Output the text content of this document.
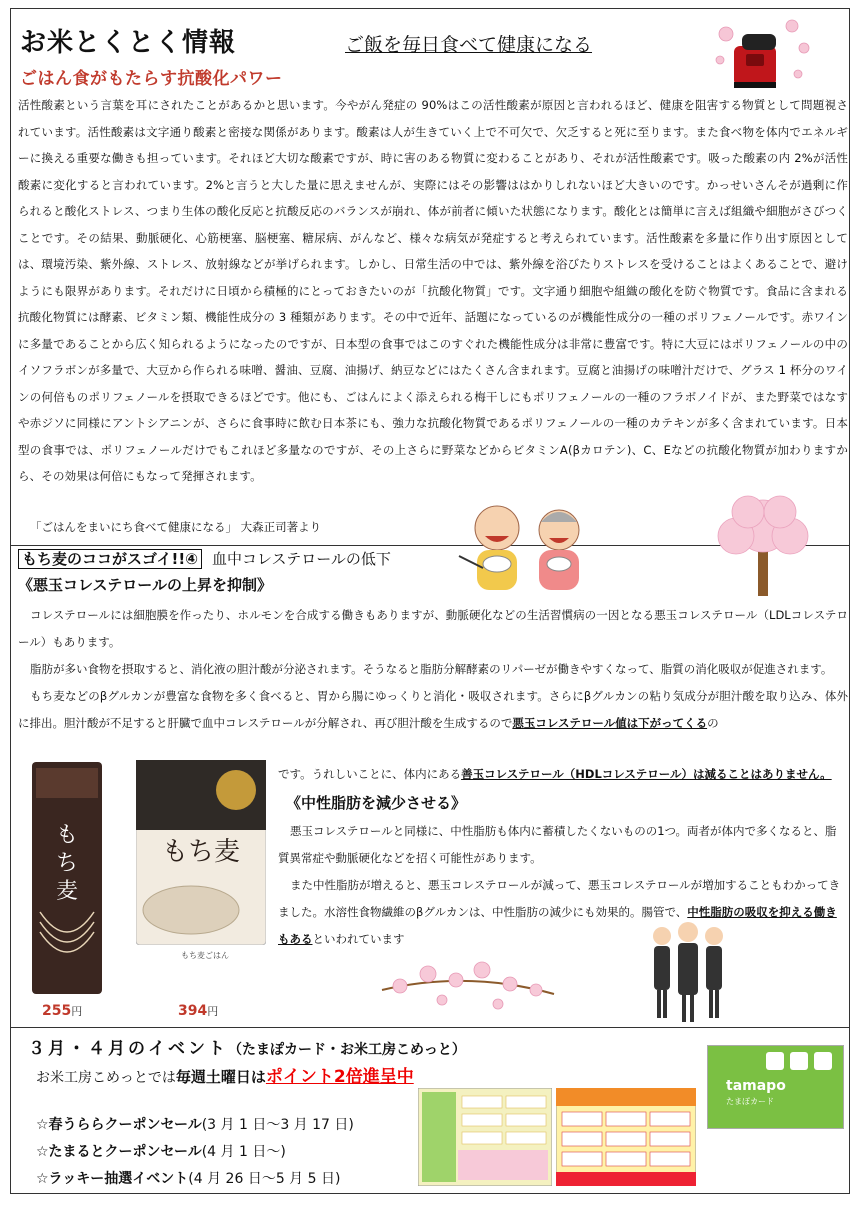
お米とくとく情報	ご飯を毎日食べて健康になる
ごはん食がもたらす抗酸化パワー
活性酸素という言葉を耳にされたことがあるかと思います。今やがん発症の 90%はこの活性酸素が原因と言われるほど、健康を阻害する物質として問題視されています。活性酸素は文字通り酸素と密接な関係があります。酸素は人が生きていく上で不可欠で、欠乏すると死に至ります。また食べ物を体内でエネルギーに換える重要な働きも担っています。それほど大切な酸素ですが、時に害のある物質に変わることがあり、それが活性酸素です。吸った酸素の内 2%が活性酸素に変化すると言われています。2%と言うと大した量に思えませんが、実際にはその影響ははかりしれないほど大きいのです。かっせいさんそが過剰に作られると酸化ストレス、つまり生体の酸化反応と抗酸反応のバランスが崩れ、体が前者に傾いた状態になります。酸化とは簡単に言えば組織や細胞がさびつくことです。その結果、動脈硬化、心筋梗塞、脳梗塞、糖尿病、がんなど、様々な病気が発症すると考えられています。活性酸素を多量に作り出す原因としては、環境汚染、紫外線、ストレス、放射線などが挙げられます。しかし、日常生活の中では、紫外線を浴びたりストレスを受けることはよくあることで、避けようにも限界があります。それだけに日頃から積極的にとっておきたいのが「抗酸化物質」です。文字通り細胞や組織の酸化を防ぐ物質です。食品に含まれる抗酸化物質には酵素、ビタミン類、機能性成分の 3 種類があります。その中で近年、話題になっているのが機能性成分の一種のポリフェノールです。赤ワインに多量であることから広く知られるようになったのですが、日本型の食事ではこのすぐれた機能性成分は非常に豊富です。特に大豆にはポリフェノールの中のイソフラボンが多量で、大豆から作られる味噌、醤油、豆腐、油揚げ、納豆などにはたくさん含まれます。豆腐と油揚げの味噌汁だけで、グラス 1 杯分のワインの何倍ものポリフェノールを摂取できるほどです。他にも、ごはんによく添えられる梅干しにもポリフェノールの一種のフラボノイドが、また野菜ではなすや赤ジソに同様にアントシアニンが、さらに食事時に飲む日本茶にも、強力な抗酸化物質であるポリフェノールの一種のカテキンが多く含まれています。日本型の食事では、ポリフェノールだけでもこれほど多量なのですが、その上さらに野菜などからビタミンA(βカロテン)、C、Eなどの抗酸化物質が加わりますから、その効果は何倍にもなって発揮されます。
「ごはんをまいにち食べて健康になる」 大森正司著より
もち麦のココがスゴイ!!④ 血中コレステロールの低下
《悪玉コレステロールの上昇を抑制》

コレステロールには細胞膜を作ったり、ホルモンを合成する働きもありますが、動脈硬化などの生活習慣病の一因となる悪玉コレステロール（LDLコレステロール）もあります。

脂肪が多い食物を摂取すると、消化液の胆汁酸が分泌されます。そうなると脂肪分解酵素のリパーゼが働きやすくなって、脂質の消化吸収が促進されます。

もち麦などのβグルカンが豊富な食物を多く食べると、胃から腸にゆっくりと消化・吸収されます。さらにβグルカンの粘り気成分が胆汁酸を取り込み、体外に排出。胆汁酸が不足すると肝臓で血中コレステロールが分解され、再び胆汁酸を生成するので悪玉コレステロール値は下がってくるの

です。うれしいことに、体内にある善玉コレステロール（HDLコレステロール）は減ることはありません。

《中性脂肪を減少させる》

悪玉コレステロールと同様に、中性脂肪も体内に蓄積したくないものの1つ。両者が体内で多くなると、脂質異常症や動脈硬化などを招く可能性があります。

また中性脂肪が増えると、悪玉コレステロールが減って、悪玉コレステロールが増加することもわかってきました。水溶性食物繊維のβグルカンは、中性脂肪の減少にも効果的。腸管で、中性脂肪の吸収を抑える働きもあるといわれています

も
ち
麦
もち麦
もち麦ごはん
255円	394円
３月・４月のイベント（たまぽカード・お米工房こめっと）
お米工房こめっとでは毎週土曜日はポイント2倍進呈中
☆春うららクーポンセール(3 月 1 日～3 月 17 日)
☆たまるとクーポンセール(4 月 1 日～)
☆ラッキー抽選イベント(4 月 26 日～5 月 5 日)
tamapo
たまぽカード
